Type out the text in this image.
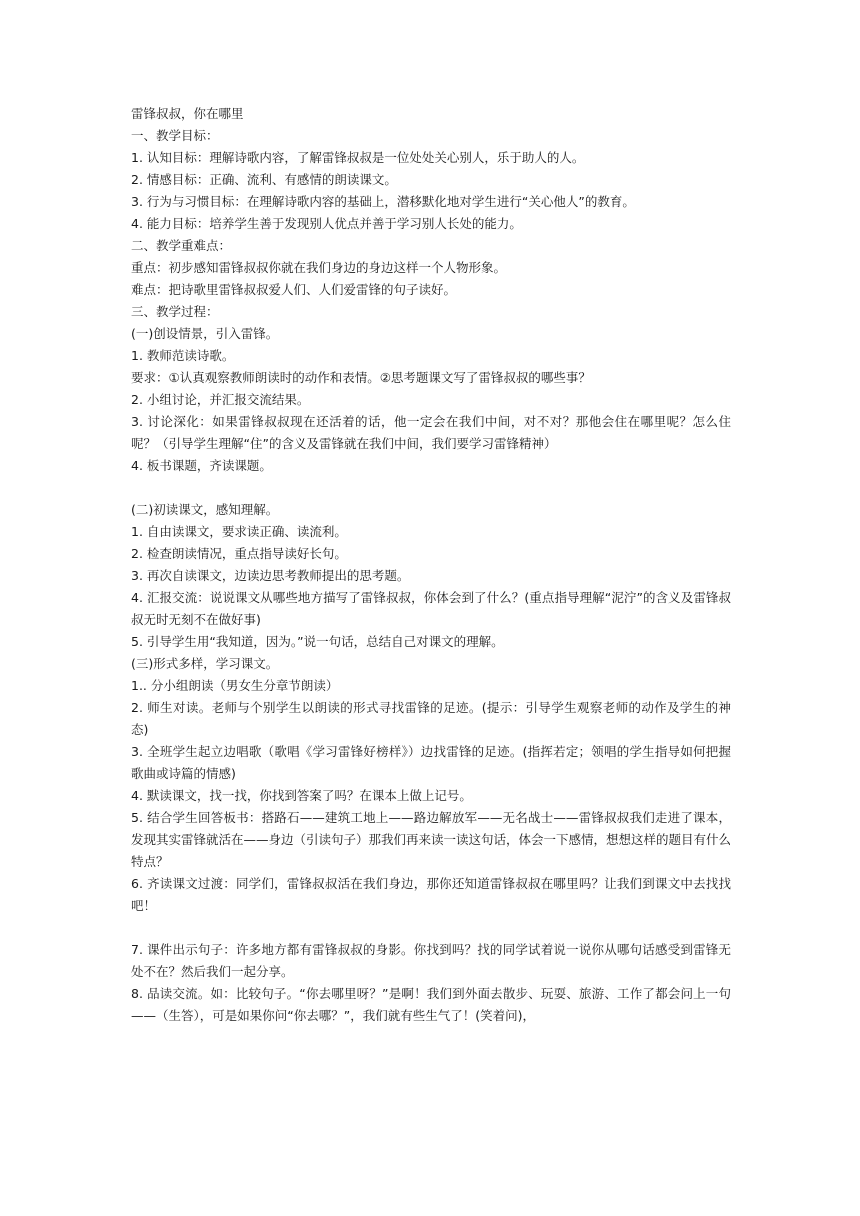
雷锋叔叔，你在哪里

一、教学目标：

1. 认知目标：理解诗歌内容，了解雷锋叔叔是一位处处关心别人，乐于助人的人。

2. 情感目标：正确、流利、有感情的朗读课文。

3. 行为与习惯目标：在理解诗歌内容的基础上，潜移默化地对学生进行“关心他人”的教育。

4. 能力目标：培养学生善于发现别人优点并善于学习别人长处的能力。

二、教学重难点：

重点：初步感知雷锋叔叔你就在我们身边的身边这样一个人物形象。

难点：把诗歌里雷锋叔叔爱人们、人们爱雷锋的句子读好。

三、教学过程：

(一)创设情景，引入雷锋。

1. 教师范读诗歌。

要求：①认真观察教师朗读时的动作和表情。②思考题课文写了雷锋叔叔的哪些事？

2. 小组讨论，并汇报交流结果。

3. 讨论深化：如果雷锋叔叔现在还活着的话，他一定会在我们中间，对不对？那他会住在哪里呢？怎么住呢？（引导学生理解“住”的含义及雷锋就在我们中间，我们要学习雷锋精神）

4. 板书课题，齐读课题。

(二)初读课文，感知理解。

1. 自由读课文，要求读正确、读流利。

2. 检查朗读情况，重点指导读好长句。

3. 再次自读课文，边读边思考教师提出的思考题。

4. 汇报交流：说说课文从哪些地方描写了雷锋叔叔，你体会到了什么？(重点指导理解“泥泞”的含义及雷锋叔叔无时无刻不在做好事)

5. 引导学生用“我知道，因为。”说一句话，总结自己对课文的理解。

(三)形式多样，学习课文。

1.. 分小组朗读（男女生分章节朗读）

2. 师生对读。老师与个别学生以朗读的形式寻找雷锋的足迹。(提示：引导学生观察老师的动作及学生的神态)

3. 全班学生起立边唱歌（歌唱《学习雷锋好榜样》）边找雷锋的足迹。(指挥若定；领唱的学生指导如何把握歌曲或诗篇的情感)

4. 默读课文，找一找，你找到答案了吗？在课本上做上记号。

5. 结合学生回答板书：搭路石——建筑工地上——路边解放军——无名战士——雷锋叔叔我们走进了课本，发现其实雷锋就活在——身边（引读句子）那我们再来读一读这句话，体会一下感情，想想这样的题目有什么特点？

6. 齐读课文过渡：同学们，雷锋叔叔活在我们身边，那你还知道雷锋叔叔在哪里吗？让我们到课文中去找找吧！

7. 课件出示句子：许多地方都有雷锋叔叔的身影。你找到吗？找的同学试着说一说你从哪句话感受到雷锋无处不在？然后我们一起分享。

8. 品读交流。如：比较句子。“你去哪里呀？”是啊！我们到外面去散步、玩耍、旅游、工作了都会问上一句——（生答），可是如果你问“你去哪？”，我们就有些生气了！(笑着问)，
